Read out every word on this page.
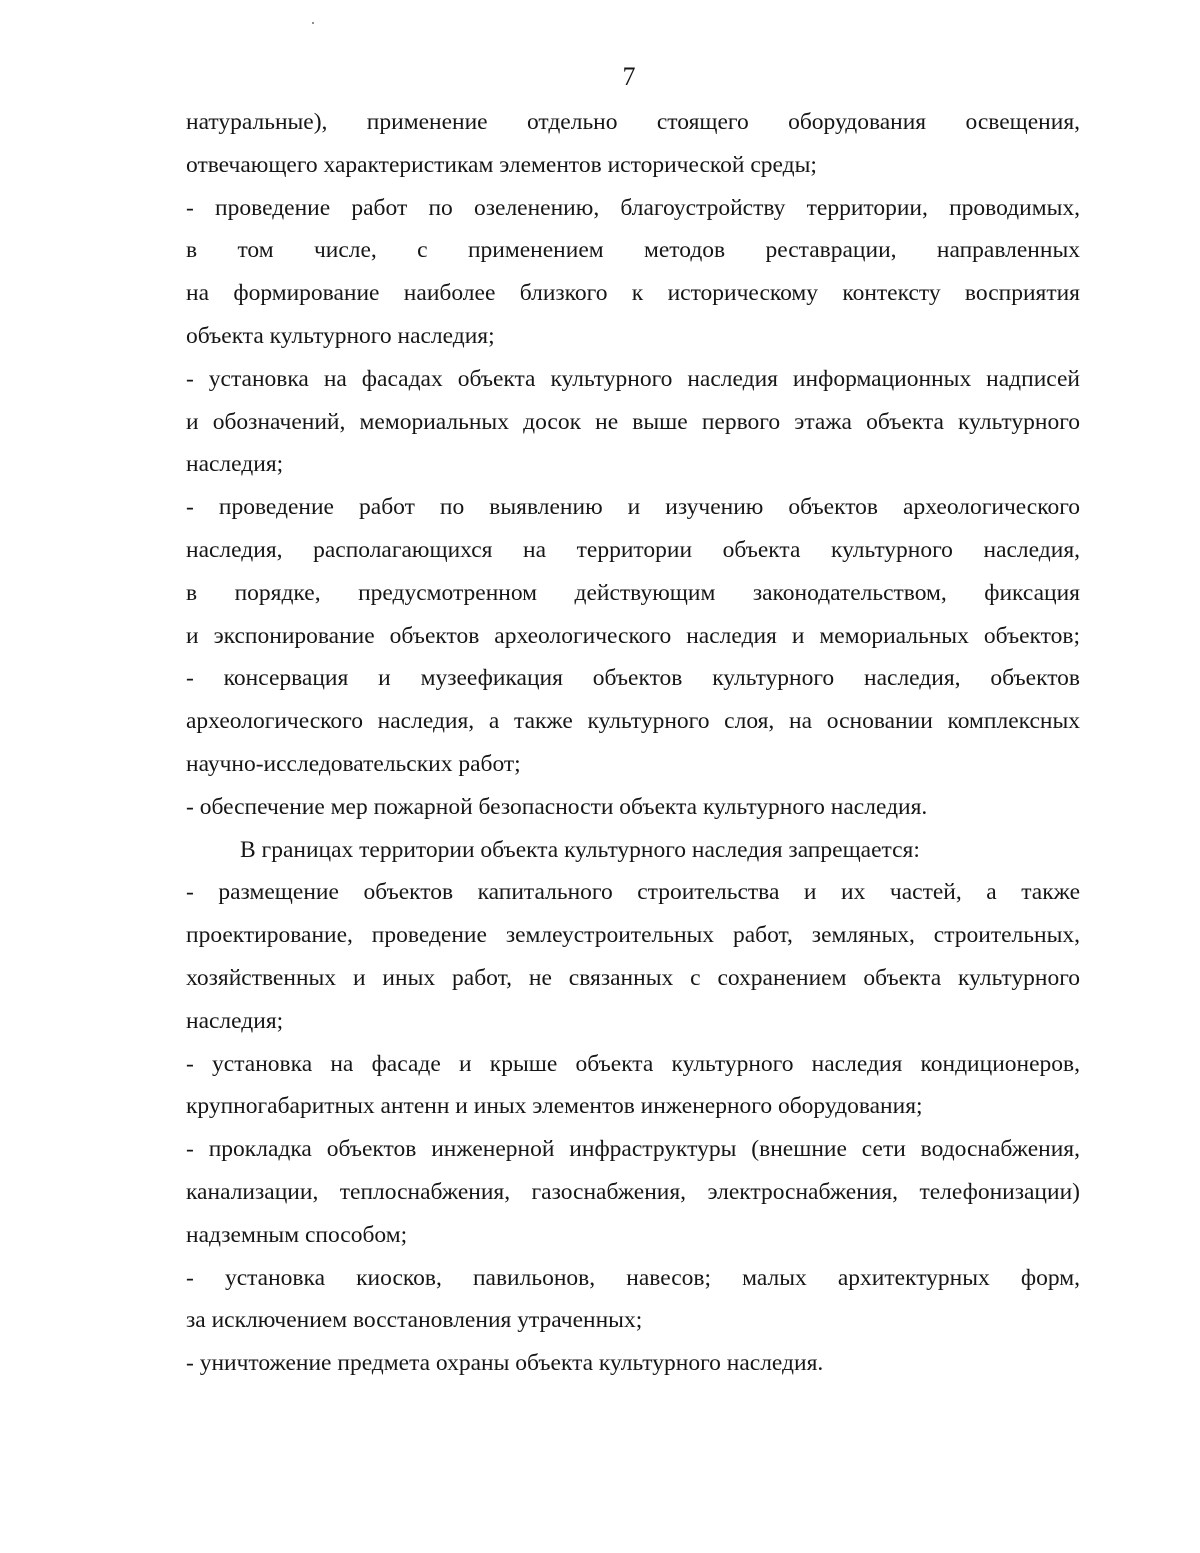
7
натуральные), применение отдельно стоящего оборудования освещения,
отвечающего характеристикам элементов исторической среды;
- проведение работ по озеленению, благоустройству территории, проводимых,
в том числе, с применением методов реставрации, направленных
на формирование наиболее близкого к историческому контексту восприятия
объекта культурного наследия;
- установка на фасадах объекта культурного наследия информационных надписей
и обозначений, мемориальных досок не выше первого этажа объекта культурного
наследия;
- проведение работ по выявлению и изучению объектов археологического
наследия, располагающихся на территории объекта культурного наследия,
в порядке, предусмотренном действующим законодательством, фиксация
и экспонирование объектов археологического наследия и мемориальных объектов;
- консервация и музеефикация объектов культурного наследия, объектов
археологического наследия, а также культурного слоя, на основании комплексных
научно-исследовательских работ;
- обеспечение мер пожарной безопасности объекта культурного наследия.
В границах территории объекта культурного наследия запрещается:
- размещение объектов капитального строительства и их частей, а также
проектирование, проведение землеустроительных работ, земляных, строительных,
хозяйственных и иных работ, не связанных с сохранением объекта культурного
наследия;
- установка на фасаде и крыше объекта культурного наследия кондиционеров,
крупногабаритных антенн и иных элементов инженерного оборудования;
- прокладка объектов инженерной инфраструктуры (внешние сети водоснабжения,
канализации, теплоснабжения, газоснабжения, электроснабжения, телефонизации)
надземным способом;
- установка киосков, павильонов, навесов; малых архитектурных форм,
за исключением восстановления утраченных;
- уничтожение предмета охраны объекта культурного наследия.
